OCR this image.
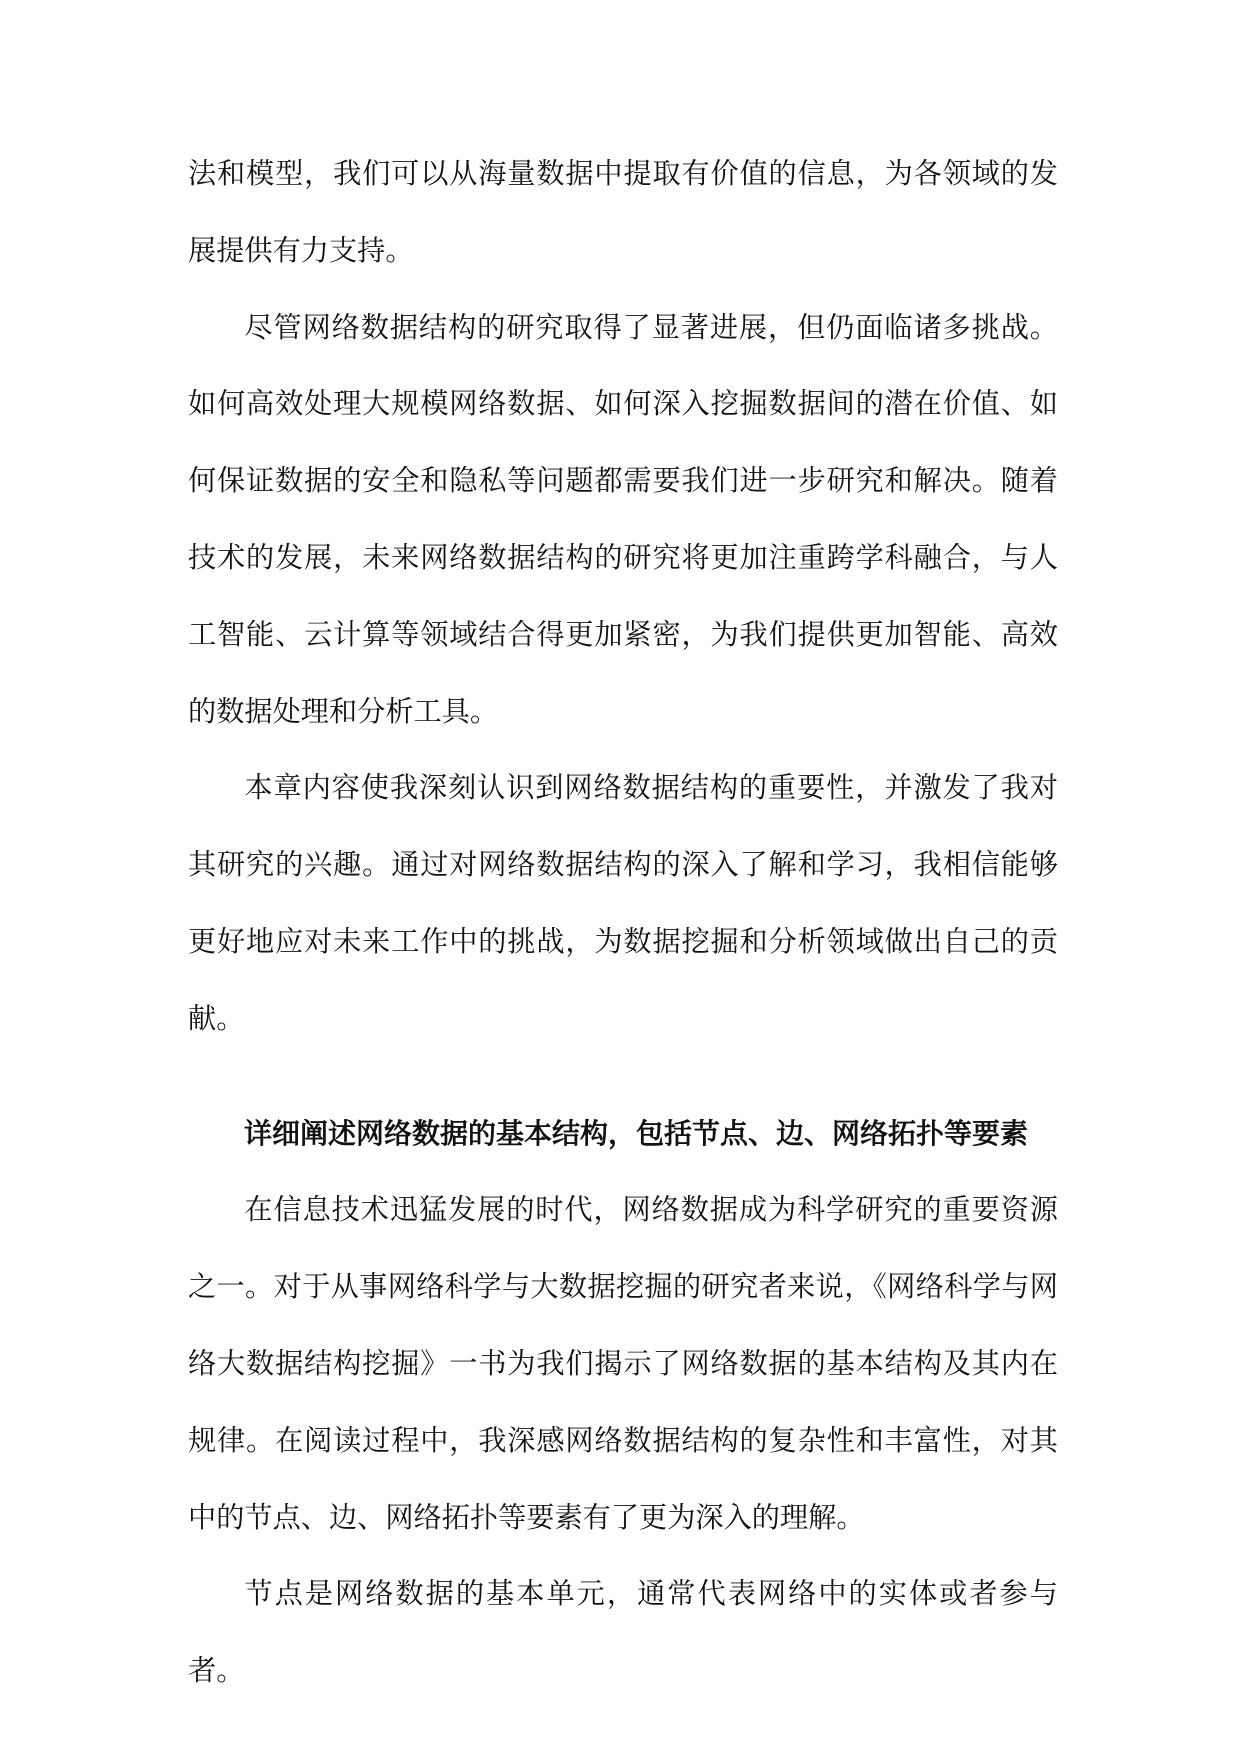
法和模型，我们可以从海量数据中提取有价值的信息，为各领域的发展提供有力支持。

尽管网络数据结构的研究取得了显著进展，但仍面临诸多挑战。如何高效处理大规模网络数据、如何深入挖掘数据间的潜在价值、如何保证数据的安全和隐私等问题都需要我们进一步研究和解决。随着技术的发展，未来网络数据结构的研究将更加注重跨学科融合，与人工智能、云计算等领域结合得更加紧密，为我们提供更加智能、高效的数据处理和分析工具。

本章内容使我深刻认识到网络数据结构的重要性，并激发了我对其研究的兴趣。通过对网络数据结构的深入了解和学习，我相信能够更好地应对未来工作中的挑战，为数据挖掘和分析领域做出自己的贡献。

详细阐述网络数据的基本结构，包括节点、边、网络拓扑等要素

在信息技术迅猛发展的时代，网络数据成为科学研究的重要资源之一。对于从事网络科学与大数据挖掘的研究者来说，《网络科学与网络大数据结构挖掘》一书为我们揭示了网络数据的基本结构及其内在规律。在阅读过程中，我深感网络数据结构的复杂性和丰富性，对其中的节点、边、网络拓扑等要素有了更为深入的理解。

节点是网络数据的基本单元，通常代表网络中的实体或者参与者。
